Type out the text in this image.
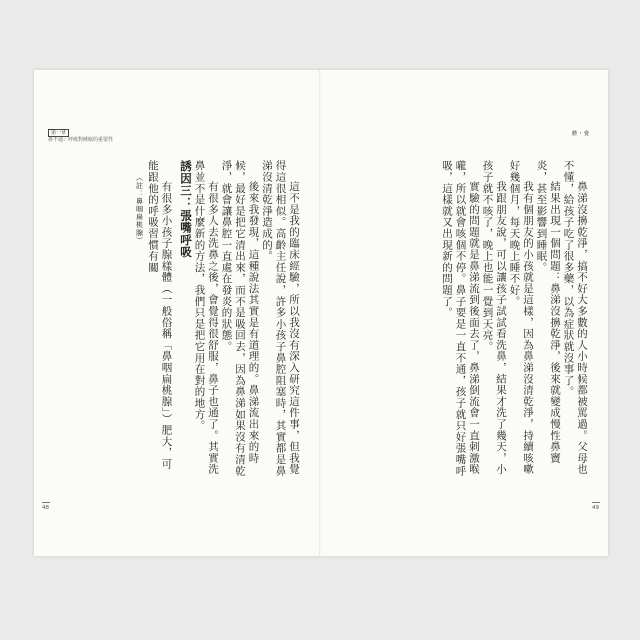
第一章
鼻不通：呼吸對睡眠的重要性

這不是我的臨床經驗，所以我沒有深入研究這件事，但我覺得這很相似。高齡主任說，許多小孩子鼻腔阻塞時，其實都是鼻涕沒清乾淨造成的。

後來我發現，這種說法其實是有道理的。鼻涕流出來的時候，最好是把它清出來，而不是吸回去，因為鼻涕如果沒有清乾淨，就會讓鼻腔一直處在發炎的狀態。

有很多人去洗鼻之後，會覺得很舒服，鼻子也通了。其實洗鼻並不是什麼新的方法，我們只是把它用在對的地方。

誘因三：張嘴呼吸

有很多小孩子腺樣體（一般俗稱「鼻咽扁桃腺」）肥大，可能跟他的呼吸習慣有關

（註：鼻咽扁桃腺）

48
體・覺

鼻涕沒擤乾淨，搞不好大多數的人小時候都被罵過。父母也不懂，給孩子吃了很多藥，以為症狀就沒事了。

結果出現一個問題：鼻涕沒擤乾淨，後來就變成慢性鼻竇炎，甚至影響到睡眠。

我有個朋友的小孩就是這樣，因為鼻涕沒清乾淨，持續咳嗽好幾個月，每天晚上睡不好。

我跟朋友說，可以讓孩子試試看洗鼻，結果才洗了幾天，小孩子就不咳了，晚上也能一覺到天亮。

實驗的問題就是鼻涕流到後面去了，鼻涕倒流會一直刺激喉嚨，所以就會咳個不停。鼻子要是一直不通，孩子就只好張嘴呼吸，這樣就又出現新的問題了。

49
